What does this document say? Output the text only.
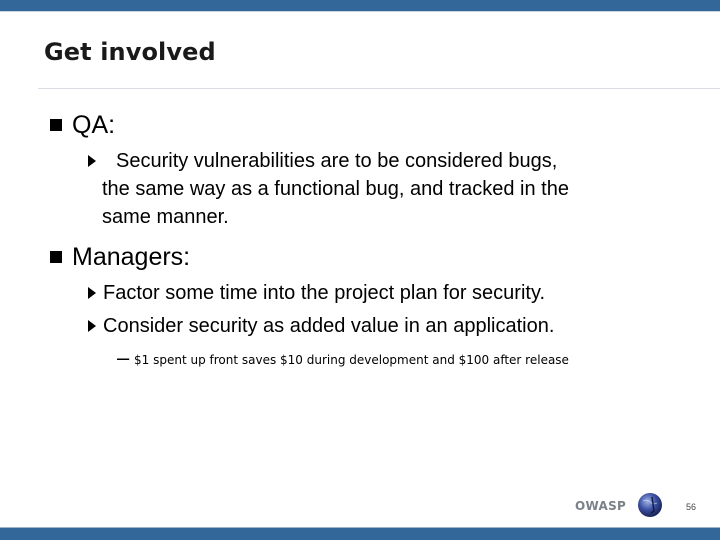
Get involved
QA:
Security vulnerabilities are to be considered bugs,
the same way as a functional bug, and tracked in the
same manner.
Managers:
Factor some time into the project plan for security.
Consider security as added value in an application.
– $1 spent up front saves $10 during development and $100 after release
OWASP	56
